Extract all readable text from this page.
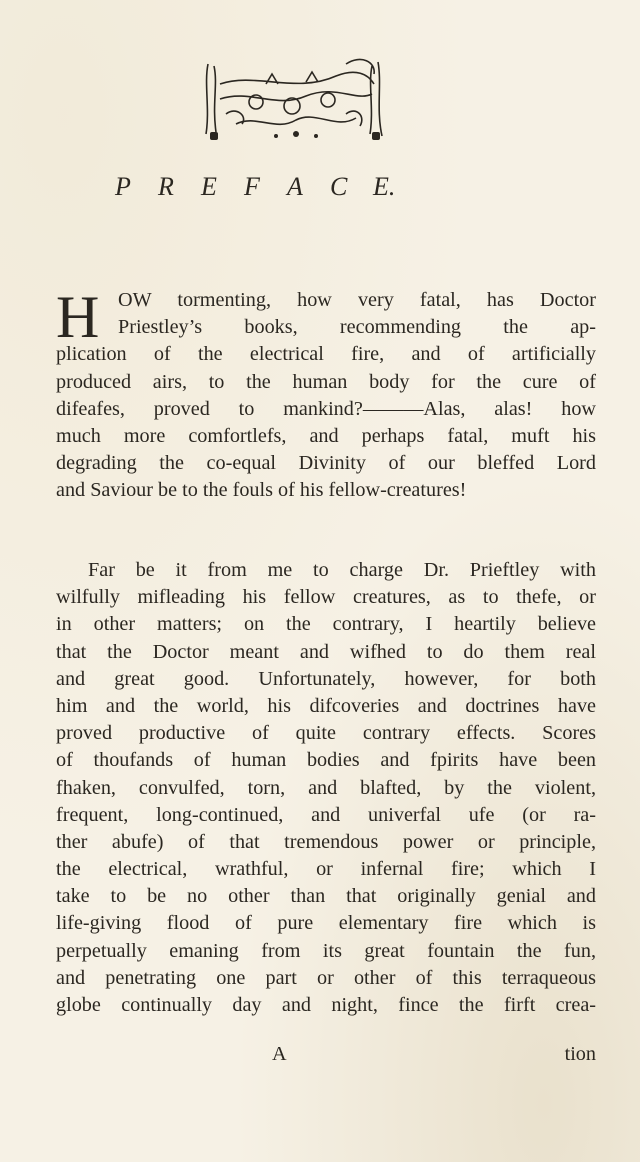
P R E F A C E.
H OW tormenting, how very fatal, has Doctor
Priestley’s books, recommending the ap-
plication of the electrical fire, and of artificially
produced airs, to the human body for the cure of
difeafes, proved to mankind?———Alas, alas! how
much more comfortlefs, and perhaps fatal, muft his
degrading the co-equal Divinity of our bleffed Lord
and Saviour be to the fouls of his fellow-creatures!
Far be it from me to charge Dr. Prieftley with
wilfully mifleading his fellow creatures, as to thefe, or
in other matters; on the contrary, I heartily believe
that the Doctor meant and wifhed to do them real
and great good. Unfortunately, however, for both
him and the world, his difcoveries and doctrines have
proved productive of quite contrary effects. Scores
of thoufands of human bodies and fpirits have been
fhaken, convulfed, torn, and blafted, by the violent,
frequent, long-continued, and univerfal ufe (or ra-
ther abufe) of that tremendous power or principle,
the electrical, wrathful, or infernal fire; which I
take to be no other than that originally genial and
life-giving flood of pure elementary fire which is
perpetually emaning from its great fountain the fun,
and penetrating one part or other of this terraqueous
globe continually day and night, fince the firft crea-
A	tion
